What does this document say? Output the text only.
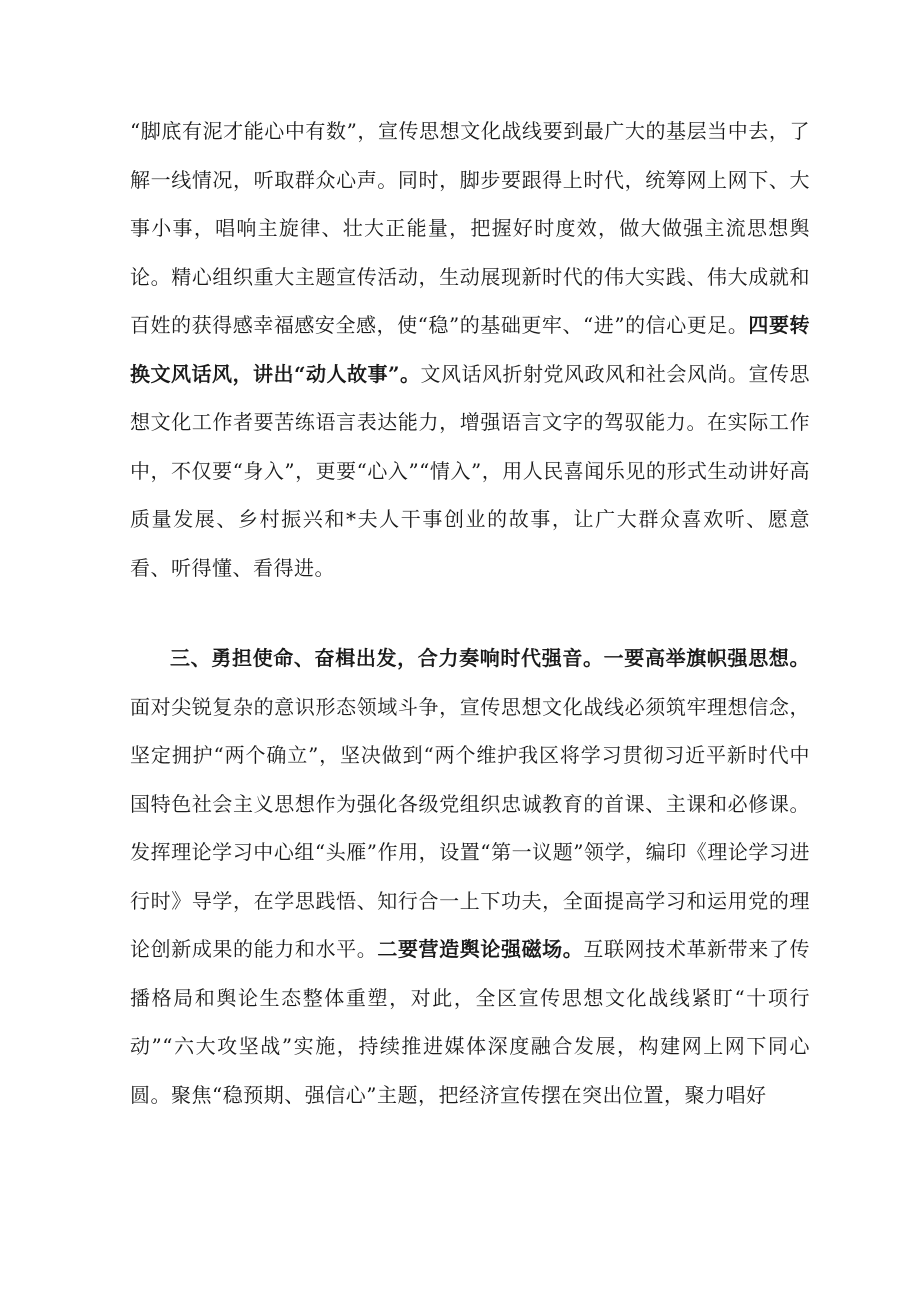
“脚底有泥才能心中有数”，宣传思想文化战线要到最广大的基层当中去，了解一线情况，听取群众心声。同时，脚步要跟得上时代，统筹网上网下、大事小事，唱响主旋律、壮大正能量，把握好时度效，做大做强主流思想舆论。精心组织重大主题宣传活动，生动展现新时代的伟大实践、伟大成就和百姓的获得感幸福感安全感，使“稳”的基础更牢、“进”的信心更足。四要转换文风话风，讲出“动人故事”。文风话风折射党风政风和社会风尚。宣传思想文化工作者要苦练语言表达能力，增强语言文字的驾驭能力。在实际工作中，不仅要“身入”，更要“心入”“情入”，用人民喜闻乐见的形式生动讲好高质量发展、乡村振兴和*夫人干事创业的故事，让广大群众喜欢听、愿意看、听得懂、看得进。

三、勇担使命、奋楫出发，合力奏响时代强音。一要高举旗帜强思想。面对尖锐复杂的意识形态领域斗争，宣传思想文化战线必须筑牢理想信念，坚定拥护“两个确立”，坚决做到“两个维护我区将学习贯彻习近平新时代中国特色社会主义思想作为强化各级党组织忠诚教育的首课、主课和必修课。发挥理论学习中心组“头雁”作用，设置“第一议题”领学，编印《理论学习进行时》导学，在学思践悟、知行合一上下功夫，全面提高学习和运用党的理论创新成果的能力和水平。二要营造舆论强磁场。互联网技术革新带来了传播格局和舆论生态整体重塑，对此，全区宣传思想文化战线紧盯“十项行动”“六大攻坚战”实施，持续推进媒体深度融合发展，构建网上网下同心圆。聚焦“稳预期、强信心”主题，把经济宣传摆在突出位置，聚力唱好
